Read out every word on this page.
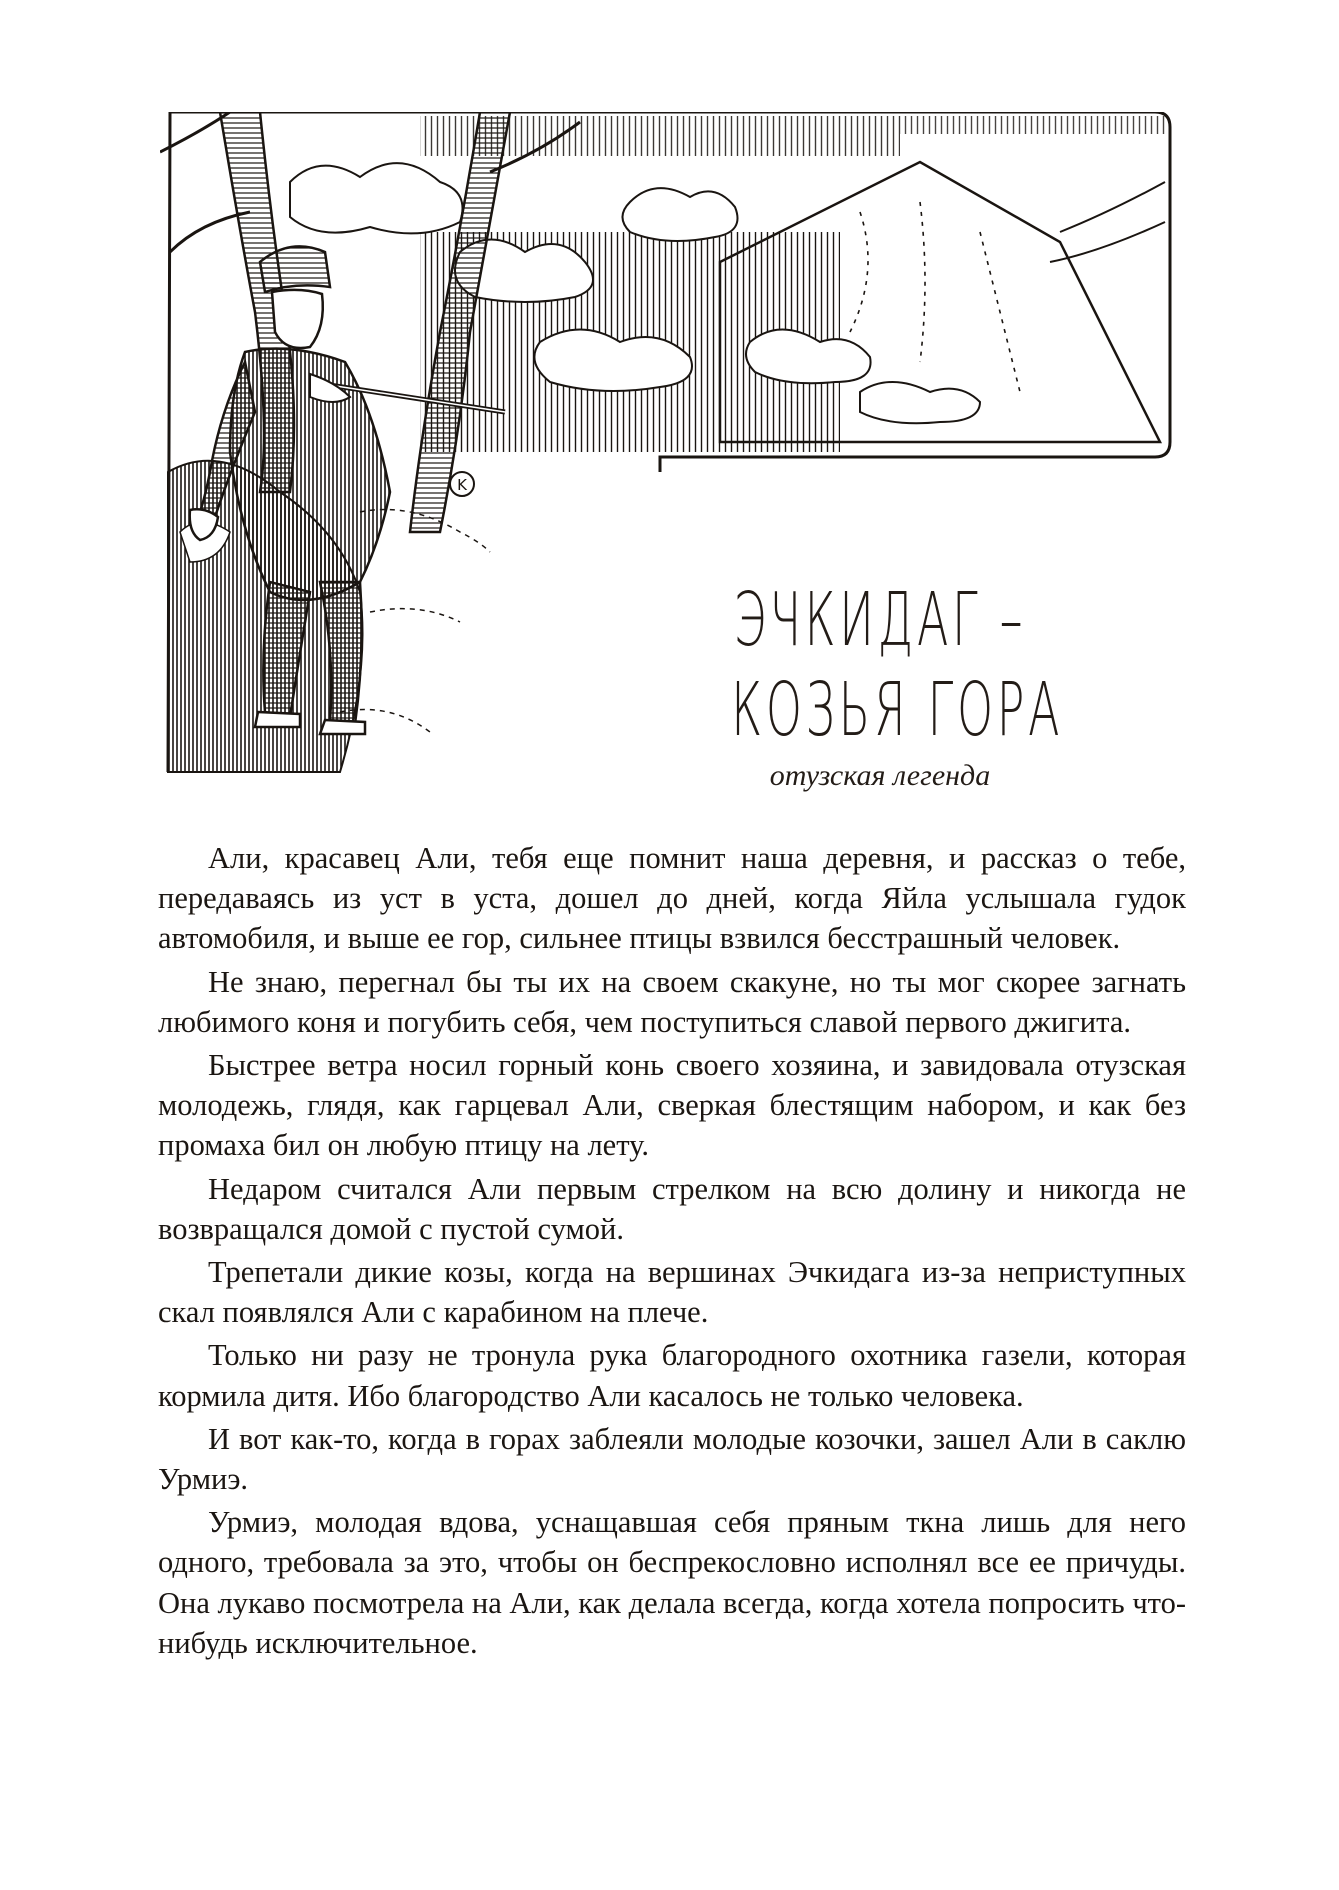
K
ЭЧКИДАГ –
КОЗЬЯ ГОРА
отузская легенда

Али, красавец Али, тебя еще помнит наша деревня, и рассказ о тебе, передаваясь из уст в уста, дошел до дней, когда Яйла услышала гудок автомобиля, и выше ее гор, сильнее птицы взвился бесстрашный человек.

Не знаю, перегнал бы ты их на своем скакуне, но ты мог скорее загнать любимого коня и погубить себя, чем поступиться славой первого джигита.

Быстрее ветра носил горный конь своего хозяина, и завидовала отузская молодежь, глядя, как гарцевал Али, сверкая блестящим набором, и как без промаха бил он любую птицу на лету.

Недаром считался Али первым стрелком на всю долину и никогда не возвращался домой с пустой сумой.

Трепетали дикие козы, когда на вершинах Эчкидага из-за неприступных скал появлялся Али с карабином на плече.

Только ни разу не тронула рука благородного охотника газели, которая кормила дитя. Ибо благородство Али касалось не только человека.

И вот как-то, когда в горах заблеяли молодые козочки, зашел Али в саклю Урмиэ.

Урмиэ, молодая вдова, уснащавшая себя пряным ткна лишь для него одного, требовала за это, чтобы он беспрекословно исполнял все ее причуды. Она лукаво посмотрела на Али, как делала всегда, когда хотела попросить что-нибудь исключительное.
